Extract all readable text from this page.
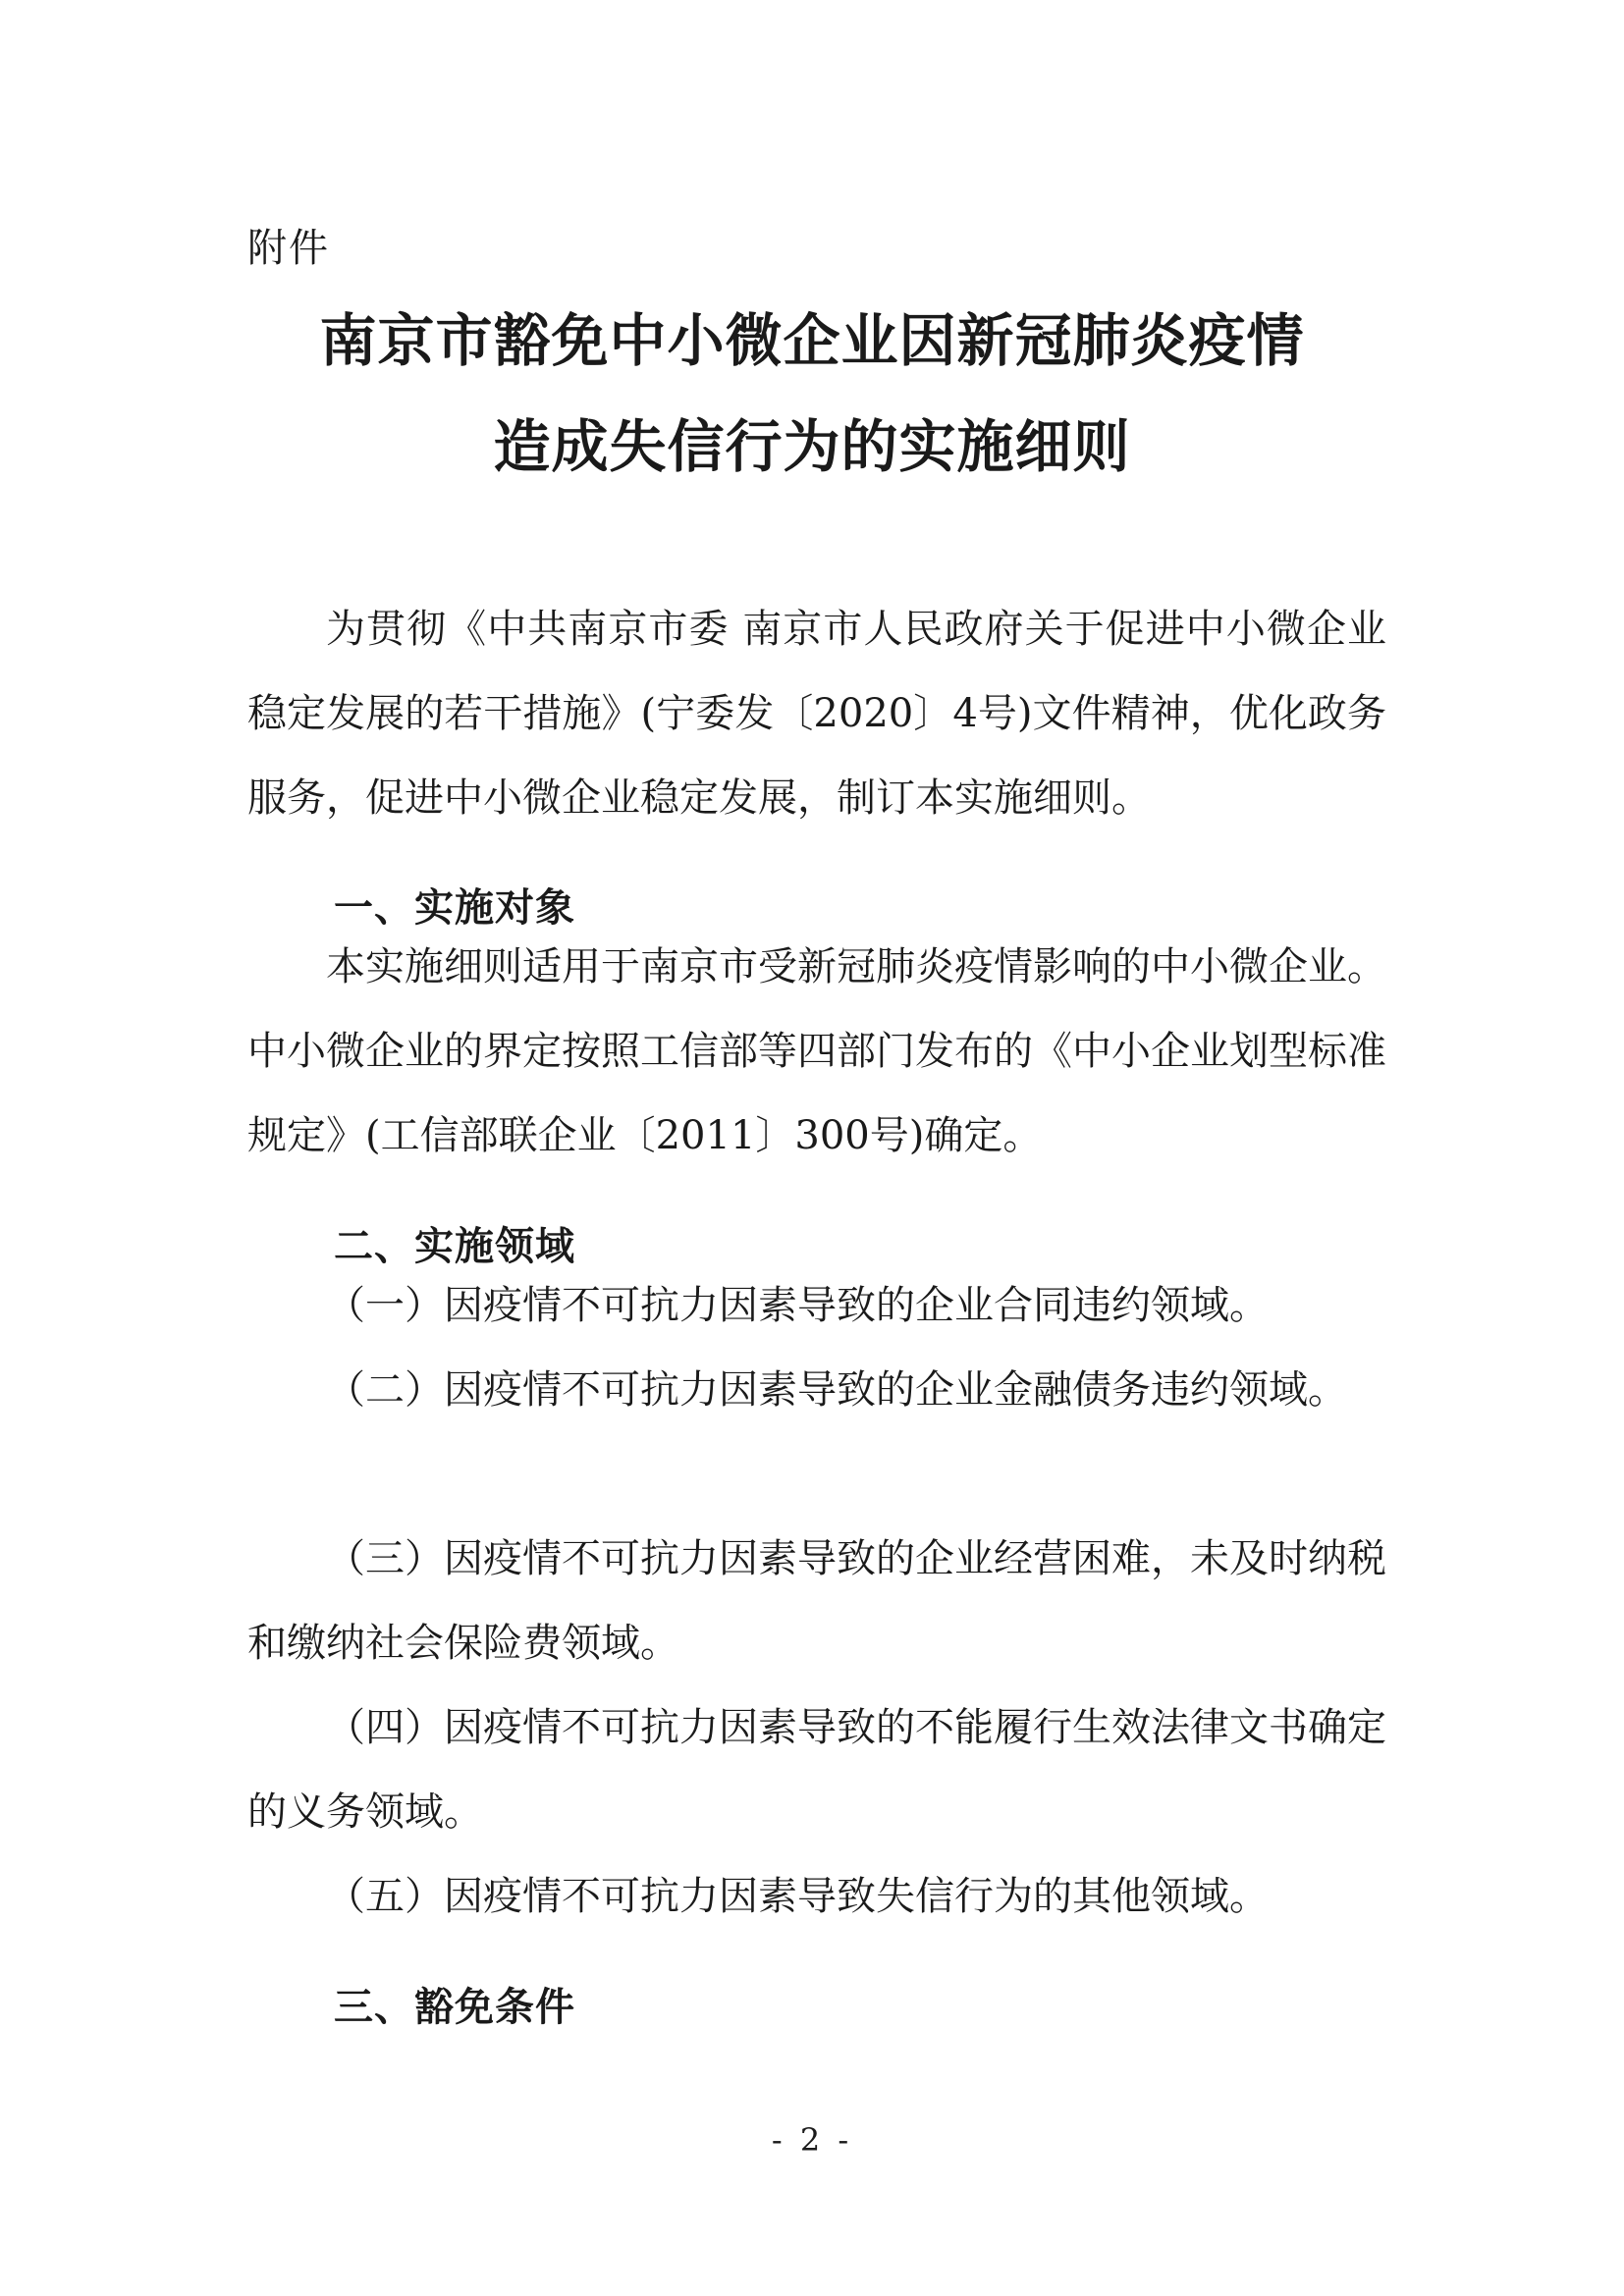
附件
南京市豁免中小微企业因新冠肺炎疫情
造成失信行为的实施细则

为贯彻《中共南京市委 南京市人民政府关于促进中小微企业稳定发展的若干措施》(宁委发〔2020〕4号)文件精神，优化政务服务，促进中小微企业稳定发展，制订本实施细则。

一、实施对象

本实施细则适用于南京市受新冠肺炎疫情影响的中小微企业。中小微企业的界定按照工信部等四部门发布的《中小企业划型标准规定》(工信部联企业〔2011〕300号)确定。

二、实施领域

（一）因疫情不可抗力因素导致的企业合同违约领域。

（二）因疫情不可抗力因素导致的企业金融债务违约领域。

（三）因疫情不可抗力因素导致的企业经营困难，未及时纳税和缴纳社会保险费领域。

（四）因疫情不可抗力因素导致的不能履行生效法律文书确定的义务领域。

（五）因疫情不可抗力因素导致失信行为的其他领域。

三、豁免条件
- 2 -
